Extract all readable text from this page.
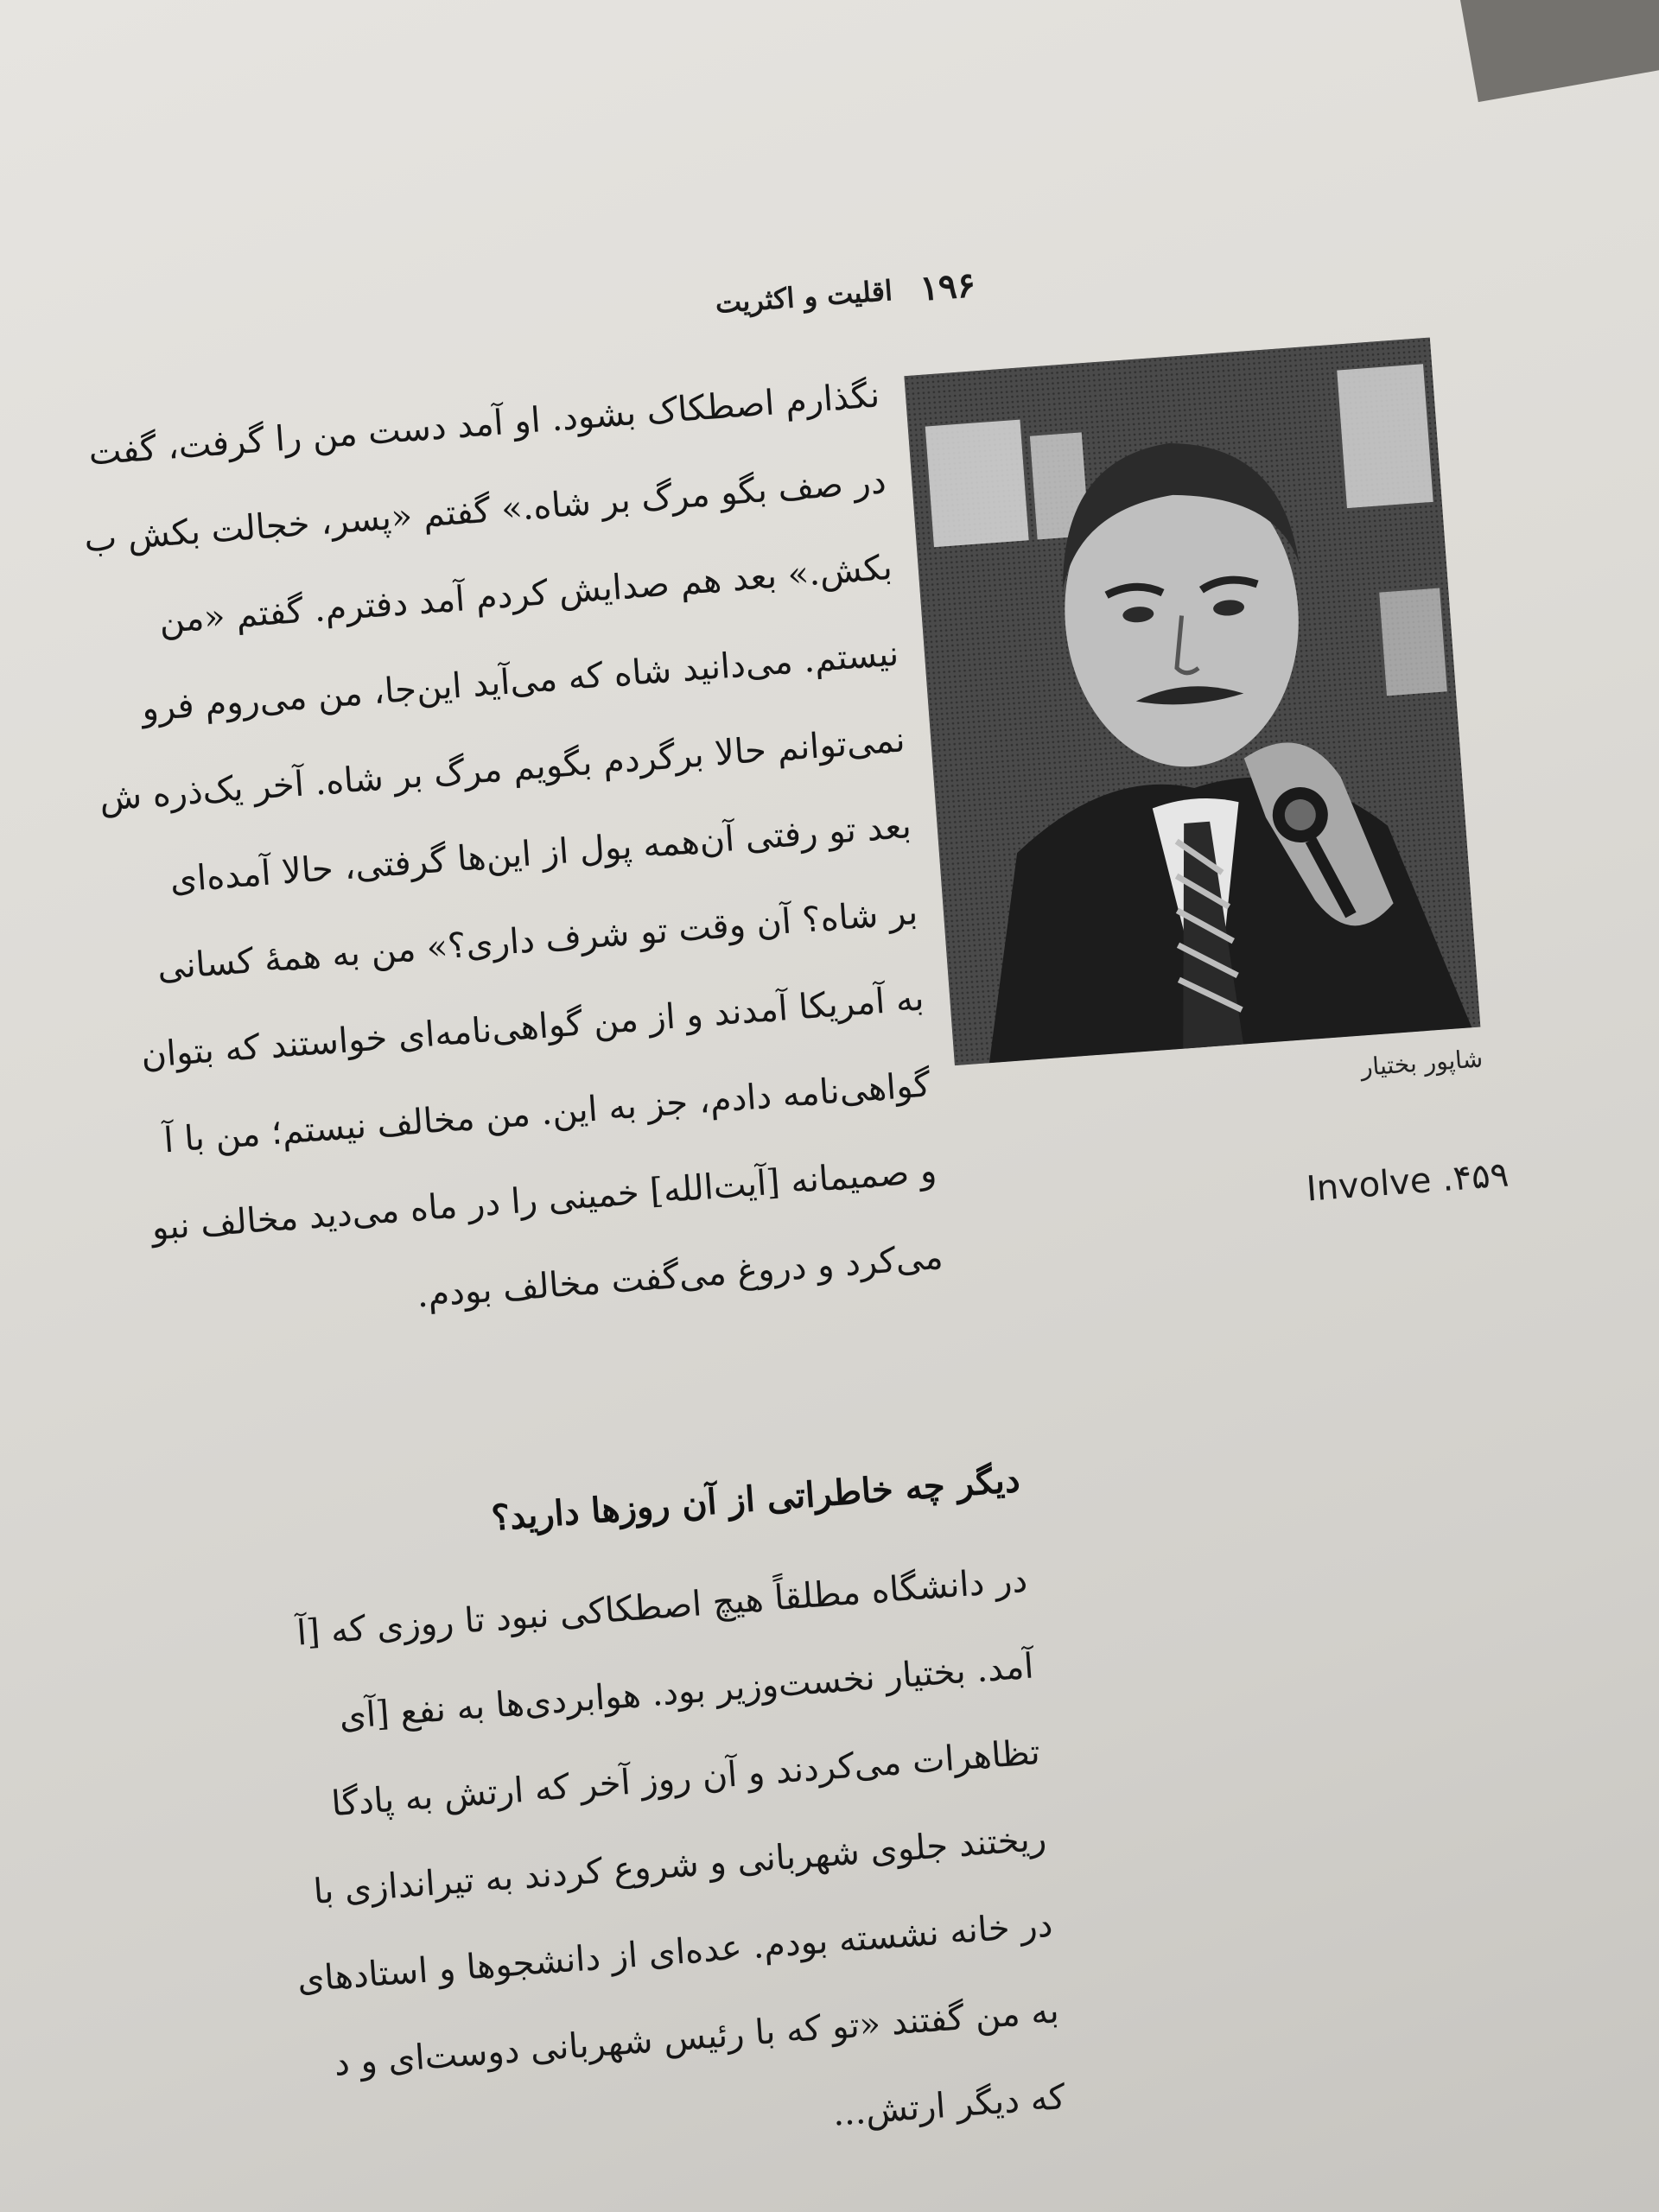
۱۹۶
اقلیت و اکثریت
نگذارم اصطکاک بشود. او آمد دست من را گرفت، گفت
در صف بگو مرگ بر شاه.» گفتم «پسر، خجالت بکش ب
بکش.» بعد هم صدایش کردم آمد دفترم. گفتم «من
نیستم. می‌دانید شاه که می‌آید این‌جا، من می‌روم فرو
نمی‌توانم حالا برگردم بگویم مرگ بر شاه. آخر یک‌ذره ش
بعد تو رفتی آن‌همه پول از این‌ها گرفتی، حالا آمده‌ای
بر شاه؟ آن وقت تو شرف داری؟» من به همهٔ کسانی
به آمریکا آمدند و از من گواهی‌نامه‌ای خواستند که بتوان
گواهی‌نامه دادم، جز به این. من مخالف نیستم؛ من با آ
و صمیمانه [آیت‌الله] خمینی را در ماه می‌دید مخالف نبو
می‌کرد و دروغ می‌گفت مخالف بودم.
شاپور بختیار
Involve .۴۵۹
دیگر چه خاطراتی از آن روزها دارید؟
در دانشگاه مطلقاً هیچ اصطکاکی نبود تا روزی که [آ
آمد. بختیار نخست‌وزیر بود. هوابردی‌ها به نفع [آی
تظاهرات می‌کردند و آن روز آخر که ارتش به پادگا
ریختند جلوی شهربانی و شروع کردند به تیراندازی با
در خانه نشسته بودم. عده‌ای از دانشجوها و استادهای
به من گفتند «تو که با رئیس شهربانی دوست‌ای و د
که دیگر ارتش...
